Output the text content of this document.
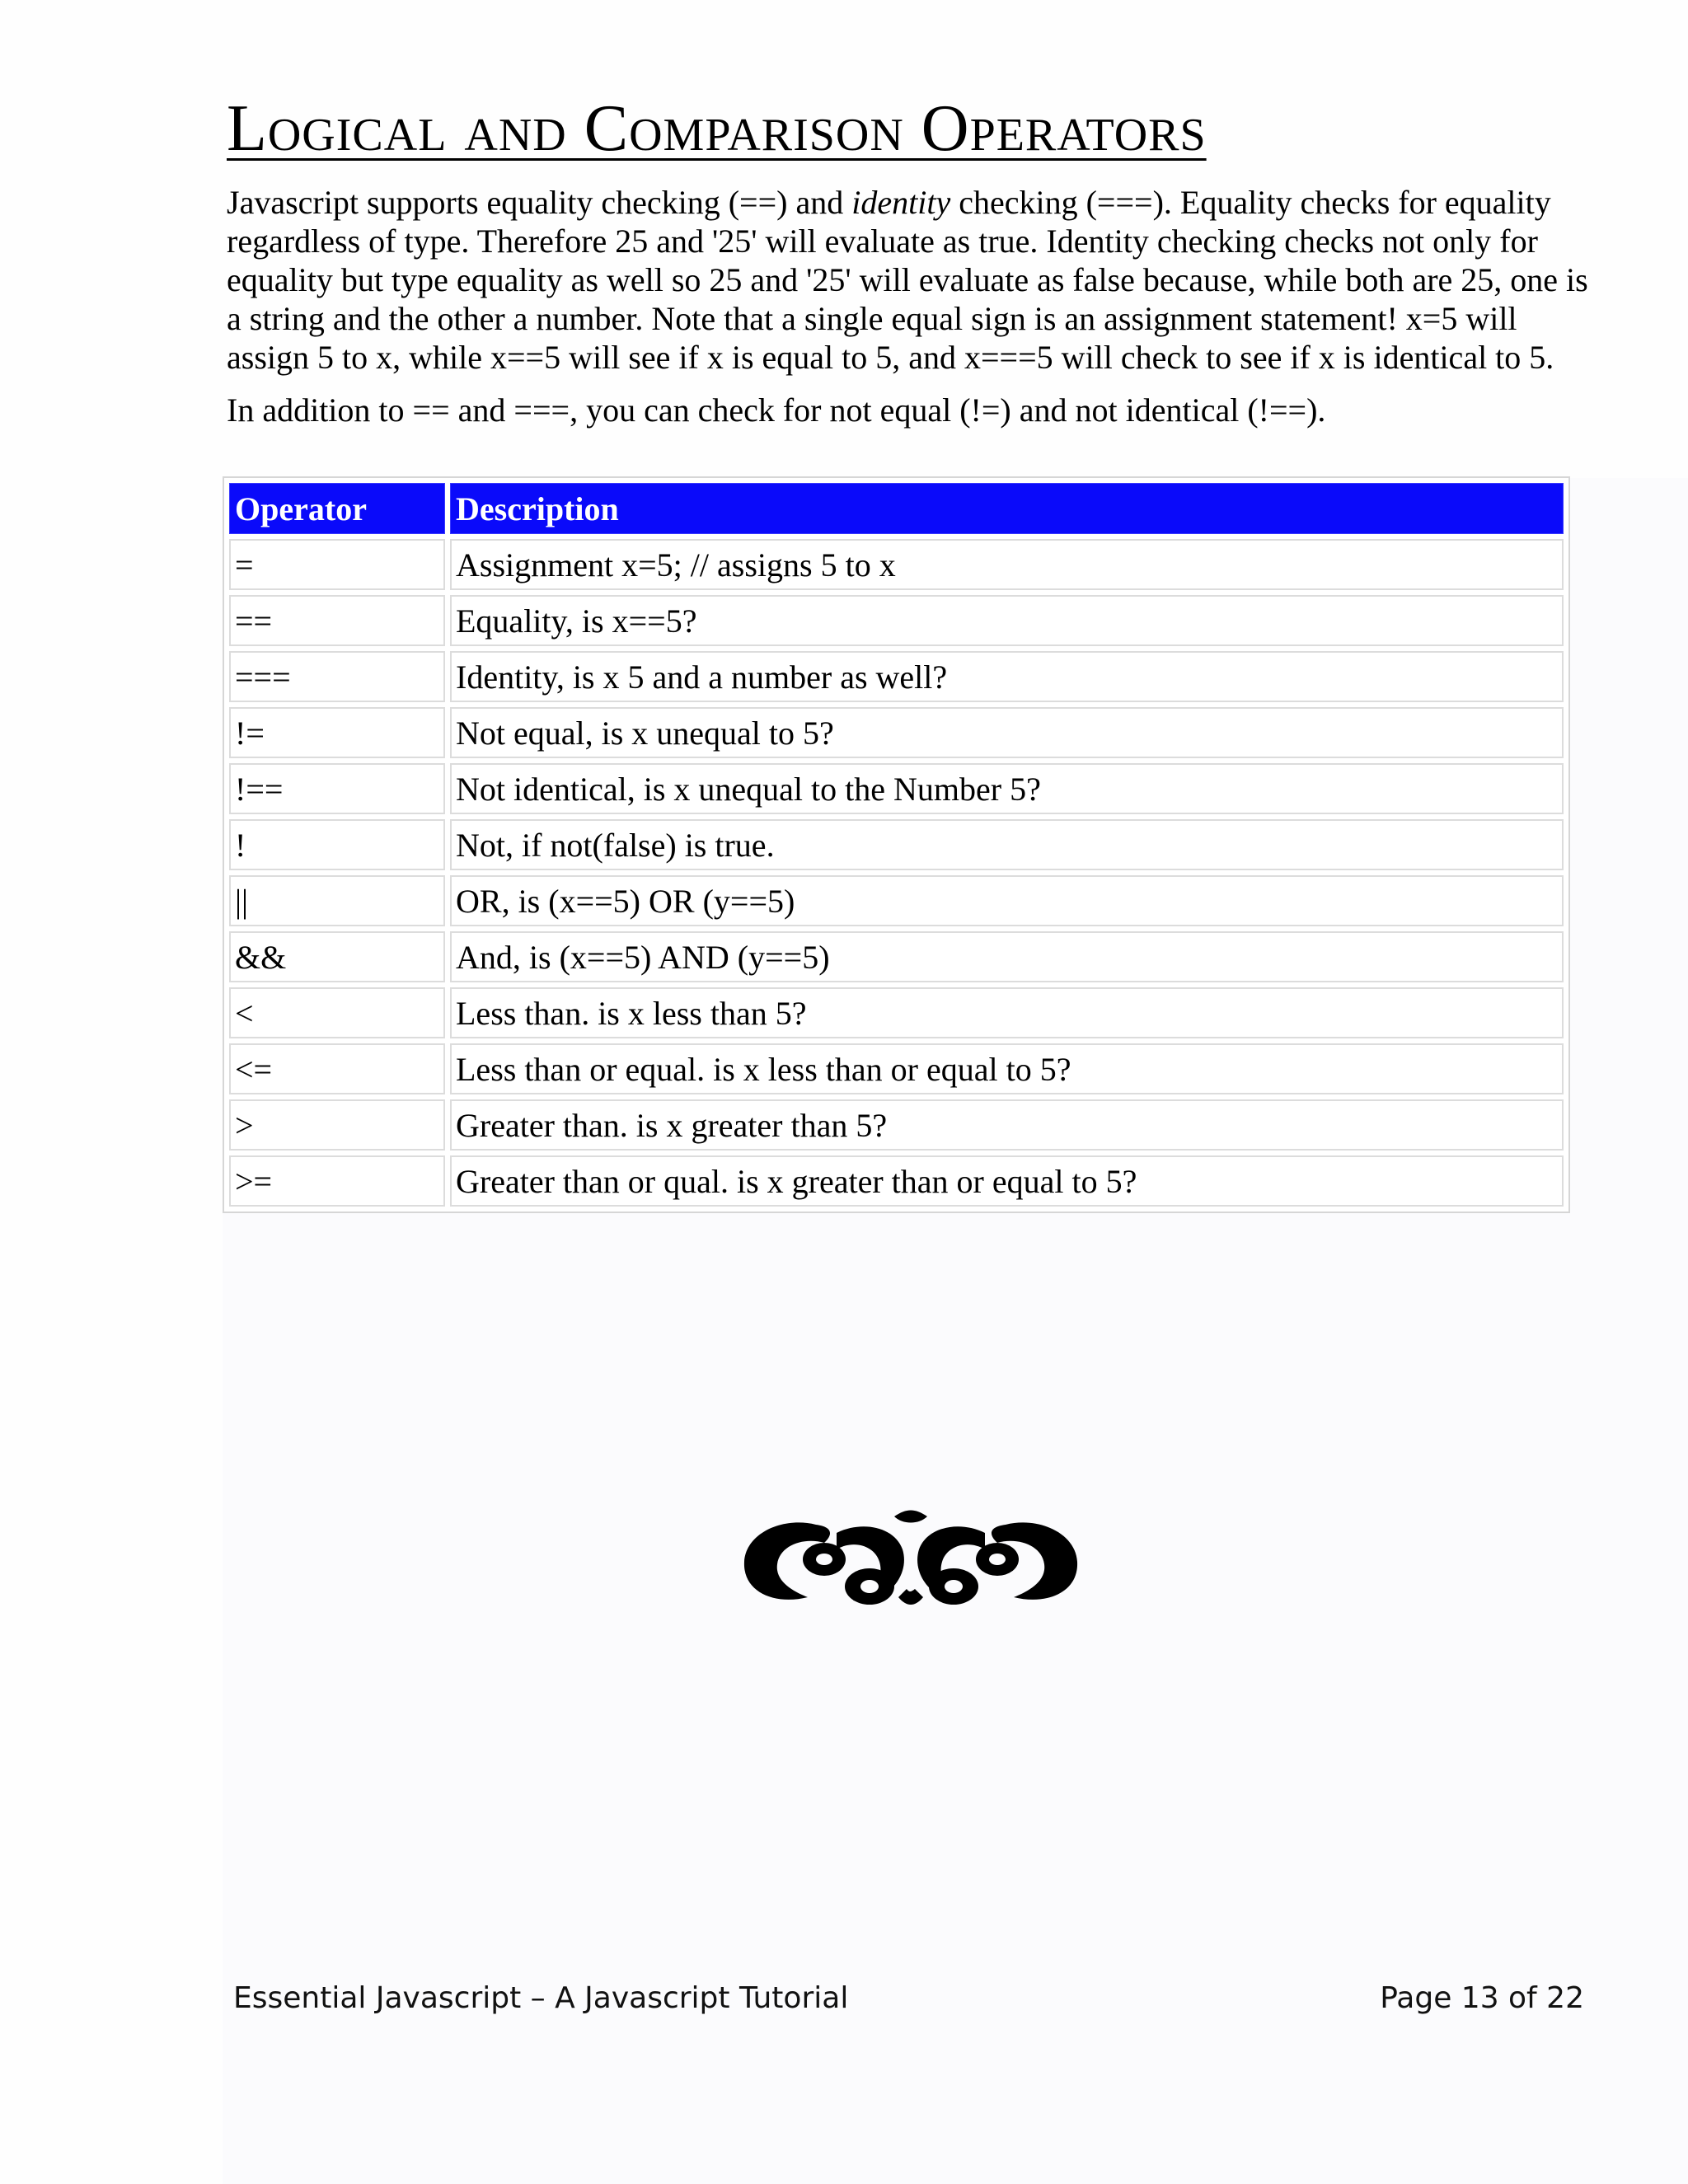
Logical and Comparison Operators

Javascript supports equality checking (==) and identity checking (===). Equality checks for equality regardless of type. Therefore 25 and '25' will evaluate as true. Identity checking checks not only for equality but type equality as well so 25 and '25' will evaluate as false because, while both are 25, one is a string and the other a number. Note that a single equal sign is an assignment statement! x=5 will assign 5 to x, while x==5 will see if x is equal to 5, and x===5 will check to see if x is identical to 5.

In addition to == and ===, you can check for not equal (!=) and not identical (!==).

Operator	Description
=	Assignment x=5; // assigns 5 to x
==	Equality, is x==5?
===	Identity, is x 5 and a number as well?
!=	Not equal, is x unequal to 5?
!==	Not identical, is x unequal to the Number 5?
!	Not, if not(false) is true.
||	OR, is (x==5) OR (y==5)
&&	And, is (x==5) AND (y==5)
<	Less than. is x less than 5?
<=	Less than or equal. is x less than or equal to 5?
>	Greater than. is x greater than 5?
>=	Greater than or qual. is x greater than or equal to 5?
Essential Javascript – A Javascript Tutorial	Page 13 of 22
